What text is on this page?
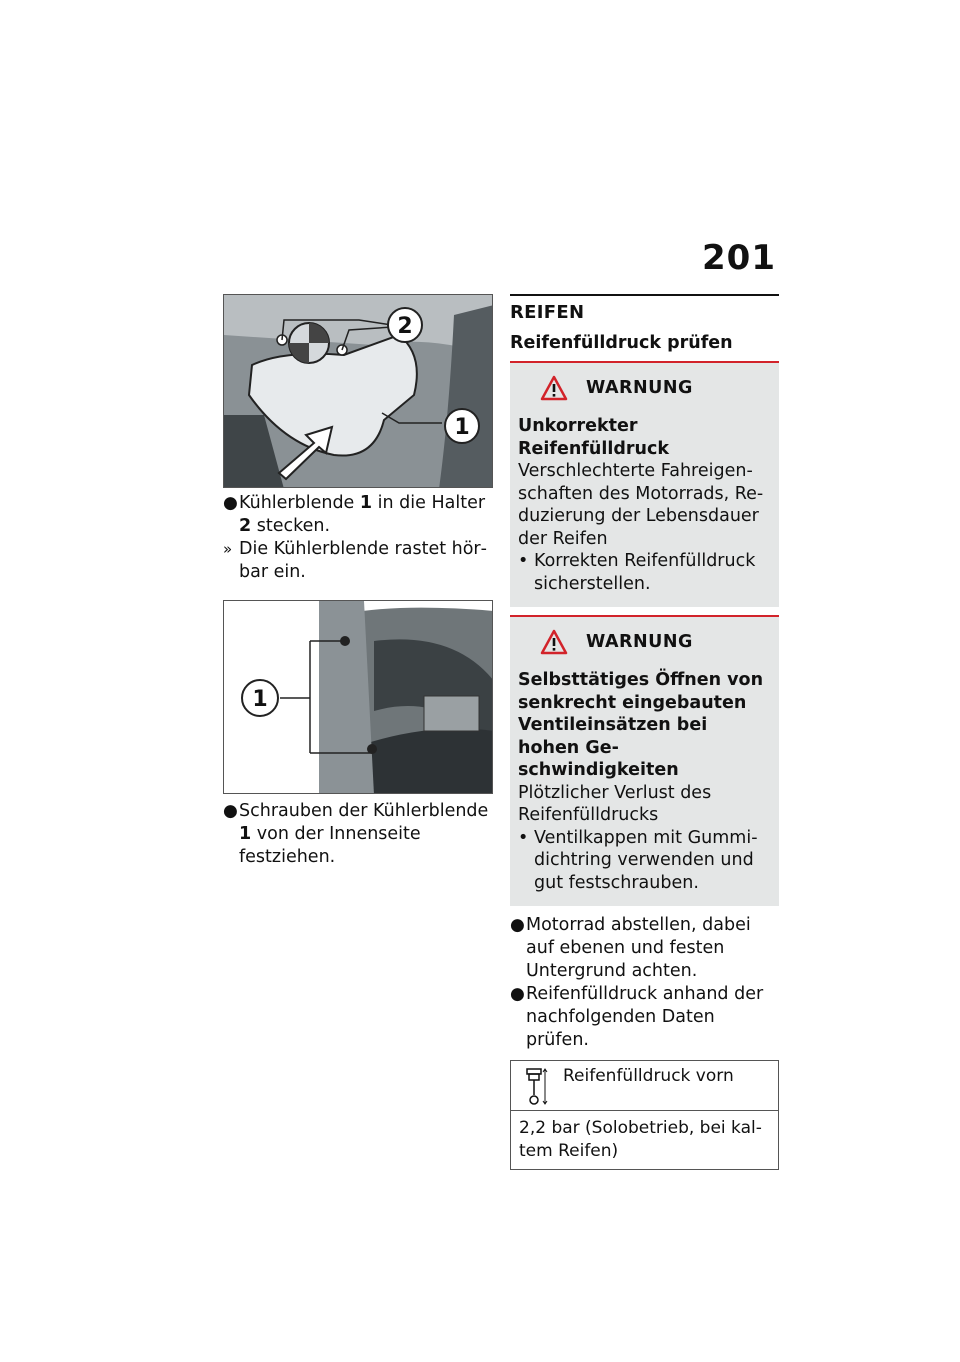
201
2
1
● Kühlerblende 1 in die Halter 2 stecken.
» Die Kühlerblende rastet hörbar ein.
1
● Schrauben der Kühlerblende 1 von der Innenseite festziehen.
REIFEN
Reifenfülldruck prüfen
WARNUNG
Unkorrekter Reifenfülldruck
Verschlechterte Fahreigenschaften des Motorrads, Reduzierung der Lebensdauer der Reifen
• Korrekten Reifenfülldruck sicherstellen.
WARNUNG
Selbsttätiges Öffnen von senkrecht eingebauten Ventileinsätzen bei hohen Geschwindigkeiten
Plötzlicher Verlust des Reifenfülldrucks
• Ventilkappen mit Gummidichtring verwenden und gut festschrauben.
● Motorrad abstellen, dabei auf ebenen und festen Untergrund achten.
● Reifenfülldruck anhand der nachfolgenden Daten prüfen.
Reifenfülldruck vorn
2,2 bar (Solobetrieb, bei kaltem Reifen)
